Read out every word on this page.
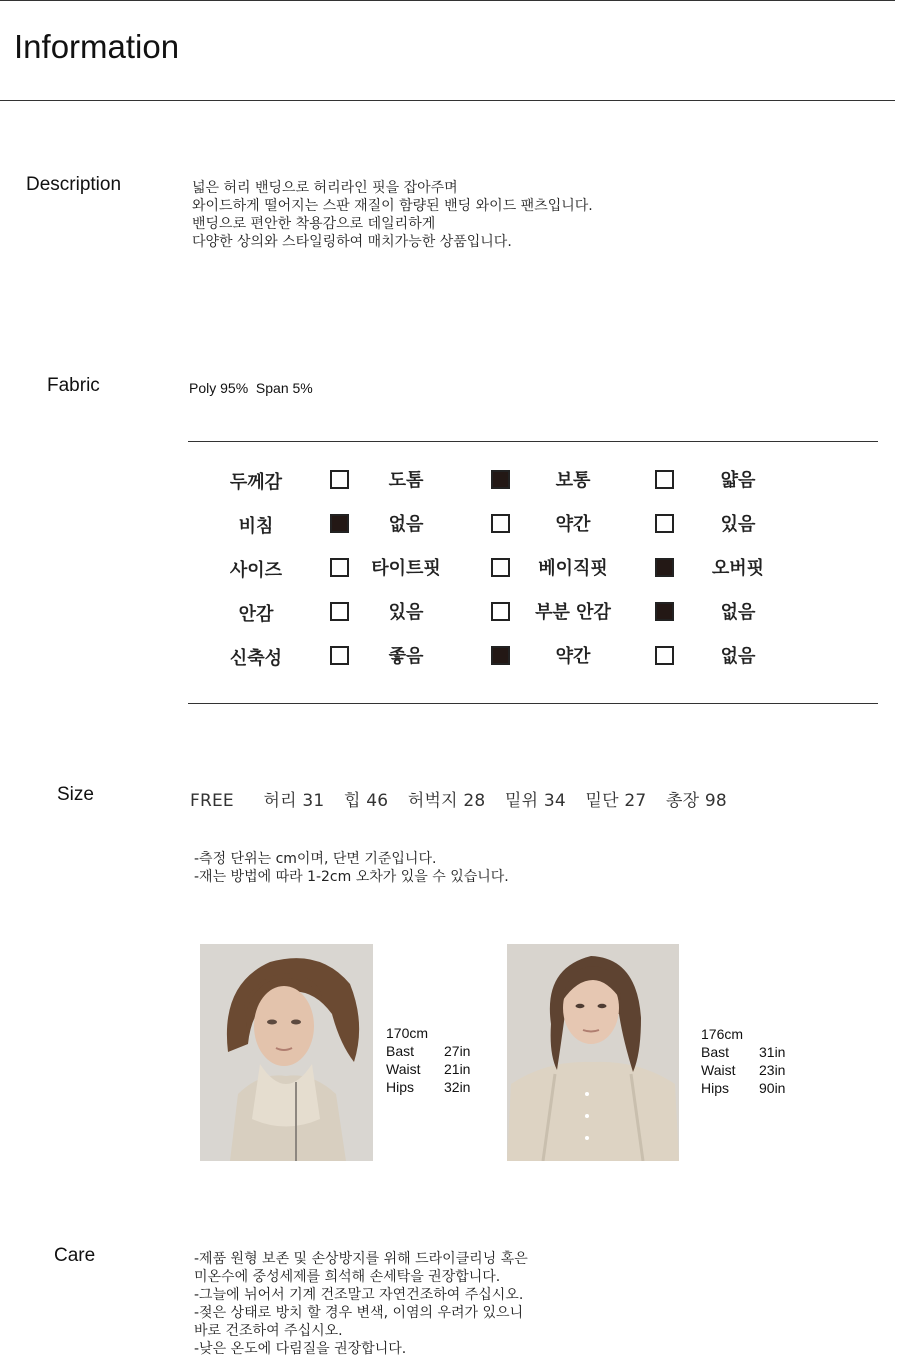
Information
Description	넓은 허리 밴딩으로 허리라인 핏을 잡아주며
와이드하게 떨어지는 스판 재질이 함량된 밴딩 와이드 팬츠입니다.
밴딩으로 편안한 착용감으로 데일리하게
다양한 상의와 스타일링하여 매치가능한 상품입니다.
Fabric	Poly 95%  Span 5%
두께감	도톰	보통	얇음
비침	없음	약간	있음
사이즈	타이트핏	베이직핏	오버핏
안감	있음	부분 안감	없음
신축성	좋음	약간	없음
Size	FREE 허리 31 힙 46 허벅지 28 밑위 34 밑단 27 총장 98
-측정 단위는 cm이며, 단면 기준입니다.
-재는 방법에 따라 1-2cm 오차가 있을 수 있습니다.
170cm
Bast	27in
Waist	21in
Hips	32in
176cm
Bast	31in
Waist	23in
Hips	90in
Care	-제품 원형 보존 및 손상방지를 위해 드라이클리닝 혹은
미온수에 중성세제를 희석해 손세탁을 권장합니다.
-그늘에 뉘어서 기계 건조말고 자연건조하여 주십시오.
-젖은 상태로 방치 할 경우 변색, 이염의 우려가 있으니
바로 건조하여 주십시오.
-낮은 온도에 다림질을 권장합니다.
